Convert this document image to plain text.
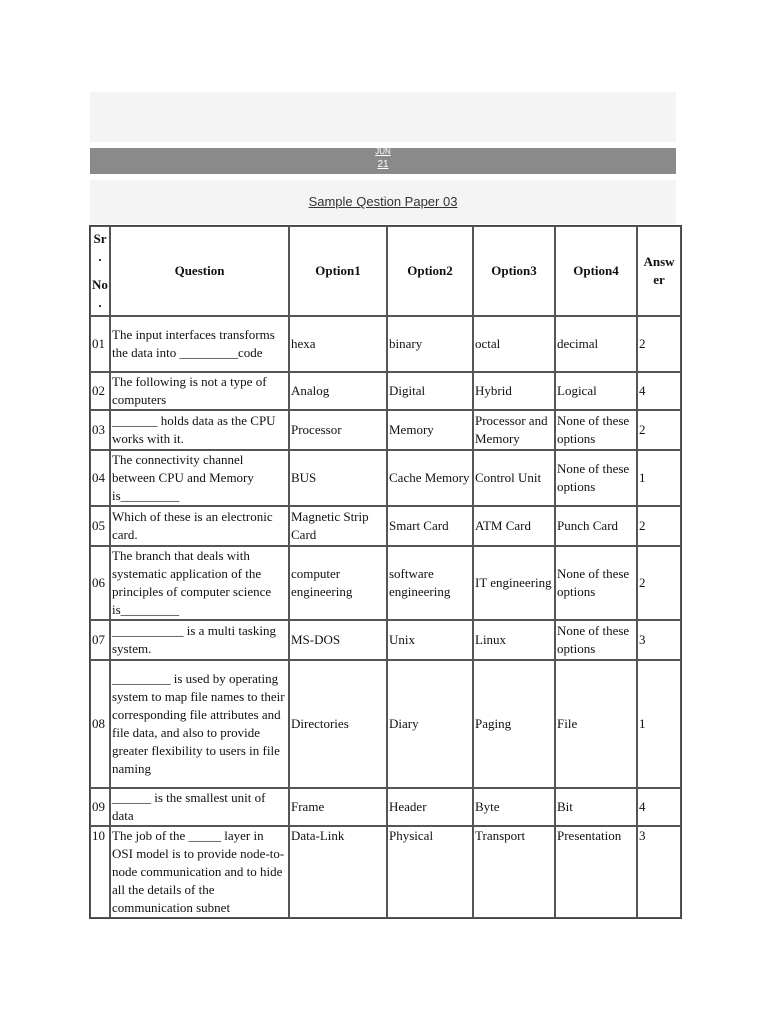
JUN
21
Sample Qestion Paper 03
Sr
.
No
.	Question	Option1	Option2	Option3	Option4	Answ er
01	The input interfaces transforms the data into _________code	hexa	binary	octal	decimal	2
02	The following is not a type of computers	Analog	Digital	Hybrid	Logical	4
03	_______ holds data as the CPU works with it.	Processor	Memory	Processor and Memory	None of these options	2
04	The connectivity channel between CPU and Memory is_________	BUS	Cache Memory	Control Unit	None of these options	1
05	Which of these is an electronic card.	Magnetic Strip Card	Smart Card	ATM Card	Punch Card	2
06	The branch that deals with systematic application of the principles of computer science is_________	computer engineering	software engineering	IT engineering	None of these options	2
07	___________ is a multi tasking system.	MS-DOS	Unix	Linux	None of these options	3
08	_________ is used by operating system to map file names to their corresponding file attributes and file data, and also to provide greater flexibility to users in file naming	Directories	Diary	Paging	File	1
09	______ is the smallest unit of data	Frame	Header	Byte	Bit	4
10	The job of the _____ layer in OSI model is to provide node-to-node communication and to hide all the details of the communication subnet	Data-Link	Physical	Transport	Presentation	3
